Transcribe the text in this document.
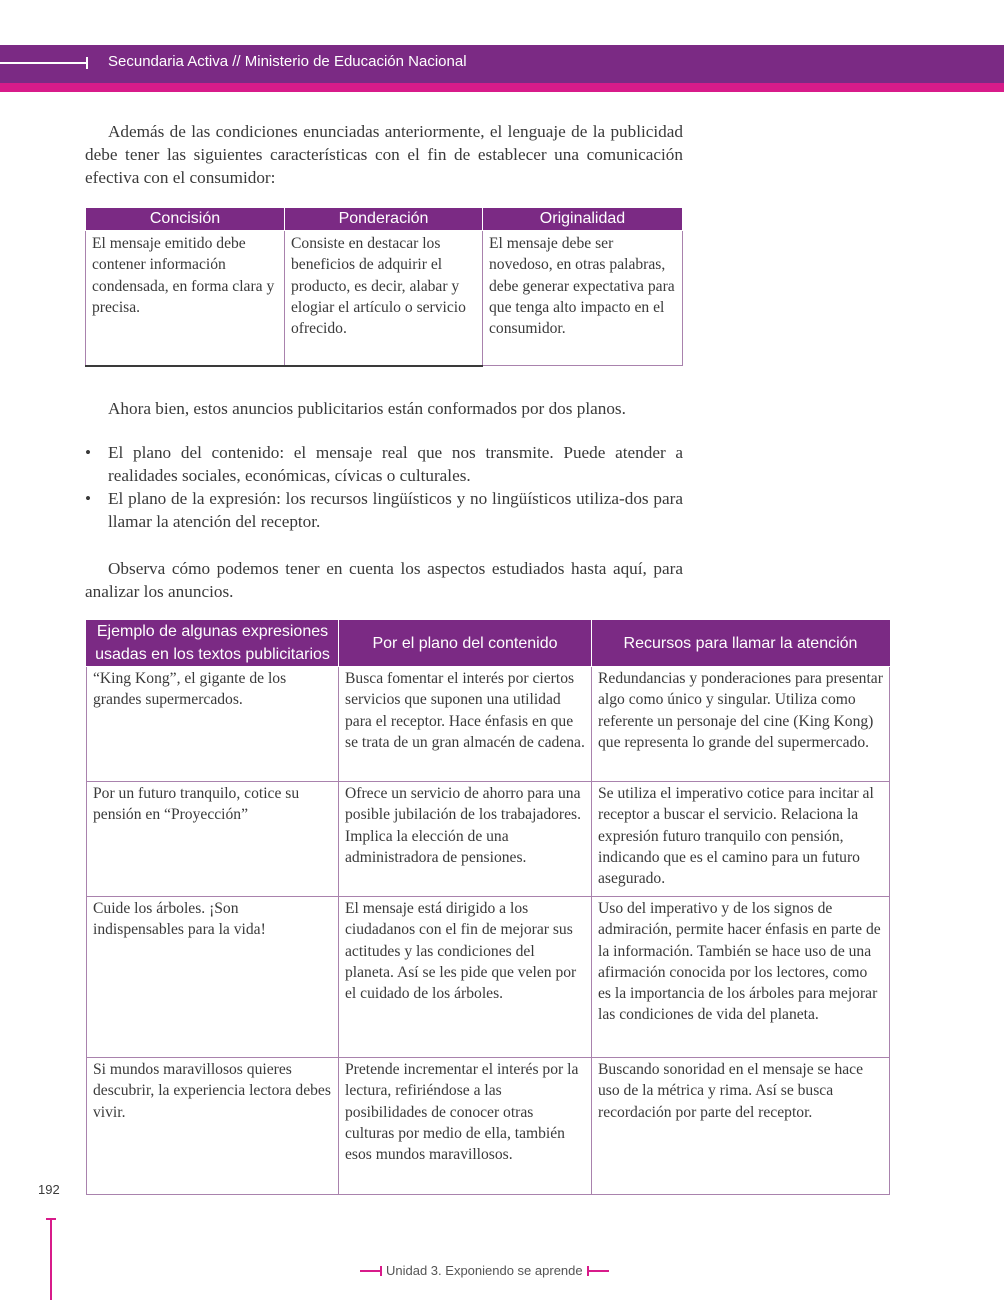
Secundaria Activa // Ministerio de Educación Nacional

Además de las condiciones enunciadas anteriormente, el lenguaje de la publicidad debe tener las siguientes características con el fin de establecer una comunicación efectiva con el consumidor:

Concisión	Ponderación	Originalidad
El mensaje emitido debe contener información condensada, en forma clara y precisa.	Consiste en destacar los beneficios de adquirir el producto, es decir, alabar y elogiar el artículo o servicio ofrecido.	El mensaje debe ser novedoso, en otras palabras, debe generar expectativa para que tenga alto impacto en el consumidor.

Ahora bien, estos anuncios publicitarios están conformados por dos planos.

• El plano del contenido: el mensaje real que nos transmite. Puede atender a realidades sociales, económicas, cívicas o culturales.
• El plano de la expresión: los recursos lingüísticos y no lingüísticos utiliza-dos para llamar la atención del receptor.

Observa cómo podemos tener en cuenta los aspectos estudiados hasta aquí, para analizar los anuncios.

Ejemplo de algunas expresiones usadas en los textos publicitarios	Por el plano del contenido	Recursos para llamar la atención
“King Kong”, el gigante de los grandes supermercados.	Busca fomentar el interés por ciertos servicios que suponen una utilidad para el receptor. Hace énfasis en que se trata de un gran almacén de cadena.	Redundancias y ponderaciones para presentar algo como único y singular. Utiliza como referente un personaje del cine (King Kong) que representa lo grande del supermercado.
Por un futuro tranquilo, cotice su pensión en “Proyección”	Ofrece un servicio de ahorro para una posible jubilación de los trabajadores. Implica la elección de una administradora de pensiones.	Se utiliza el imperativo cotice para incitar al receptor a buscar el servicio. Relaciona la expresión futuro tranquilo con pensión, indicando que es el camino para un futuro asegurado.
Cuide los árboles. ¡Son indispensables para la vida!	El mensaje está dirigido a los ciudadanos con el fin de mejorar sus actitudes y las condiciones del planeta. Así se les pide que velen por el cuidado de los árboles.	Uso del imperativo y de los signos de admiración, permite hacer énfasis en parte de la información. También se hace uso de una afirmación conocida por los lectores, como es la importancia de los árboles para mejorar las condiciones de vida del planeta.
Si mundos maravillosos quieres descubrir, la experiencia lectora debes vivir.	Pretende incrementar el interés por la lectura, refiriéndose a las posibilidades de conocer otras culturas por medio de ella, también esos mundos maravillosos.	Buscando sonoridad en el mensaje se hace uso de la métrica y rima. Así se busca recordación por parte del receptor.
192
Unidad 3. Exponiendo se aprende
